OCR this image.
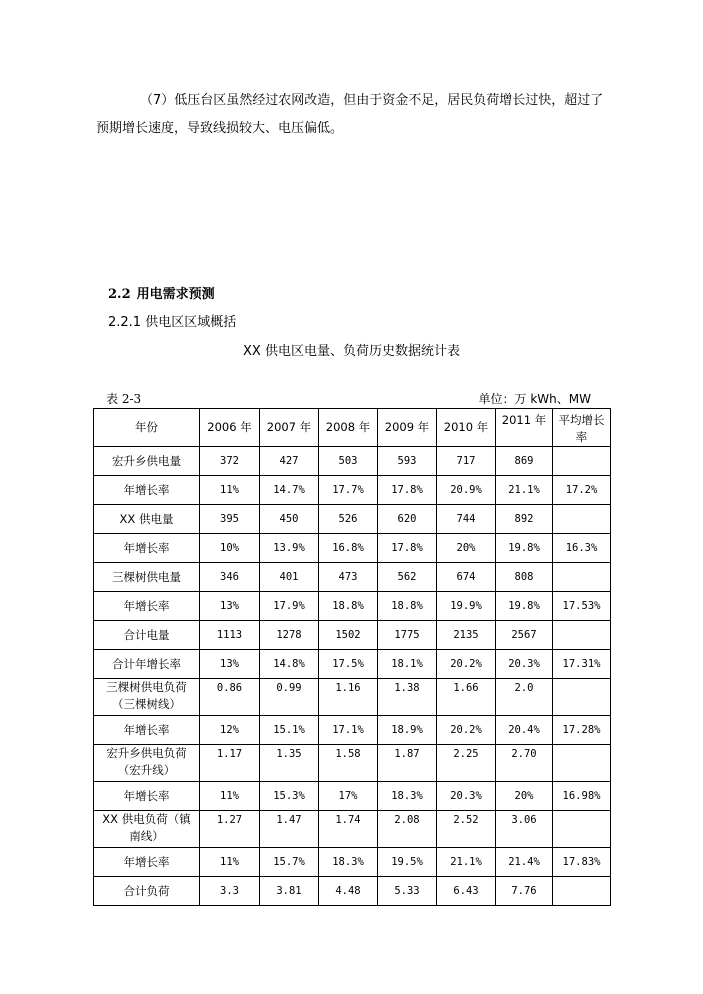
（7）低压台区虽然经过农网改造，但由于资金不足，居民负荷增长过快，超过了预期增长速度，导致线损较大、电压偏低。
2.2 用电需求预测
2.2.1 供电区区域概括
XX 供电区电量、负荷历史数据统计表
表 2-3	单位：万 kWh、MW
年份	2006 年	2007 年	2008 年	2009 年	2010 年	2011 年	平均增长率
宏升乡供电量	372	427	503	593	717	869	
年增长率	11%	14.7%	17.7%	17.8%	20.9%	21.1%	17.2%
XX 供电量	395	450	526	620	744	892	
年增长率	10%	13.9%	16.8%	17.8%	20%	19.8%	16.3%
三棵树供电量	346	401	473	562	674	808	
年增长率	13%	17.9%	18.8%	18.8%	19.9%	19.8%	17.53%
合计电量	1113	1278	1502	1775	2135	2567	
合计年增长率	13%	14.8%	17.5%	18.1%	20.2%	20.3%	17.31%
三棵树供电负荷（三棵树线）	0.86	0.99	1.16	1.38	1.66	2.0	
年增长率	12%	15.1%	17.1%	18.9%	20.2%	20.4%	17.28%
宏升乡供电负荷（宏升线）	1.17	1.35	1.58	1.87	2.25	2.70	
年增长率	11%	15.3%	17%	18.3%	20.3%	20%	16.98%
XX 供电负荷（镇南线）	1.27	1.47	1.74	2.08	2.52	3.06	
年增长率	11%	15.7%	18.3%	19.5%	21.1%	21.4%	17.83%
合计负荷	3.3	3.81	4.48	5.33	6.43	7.76	
